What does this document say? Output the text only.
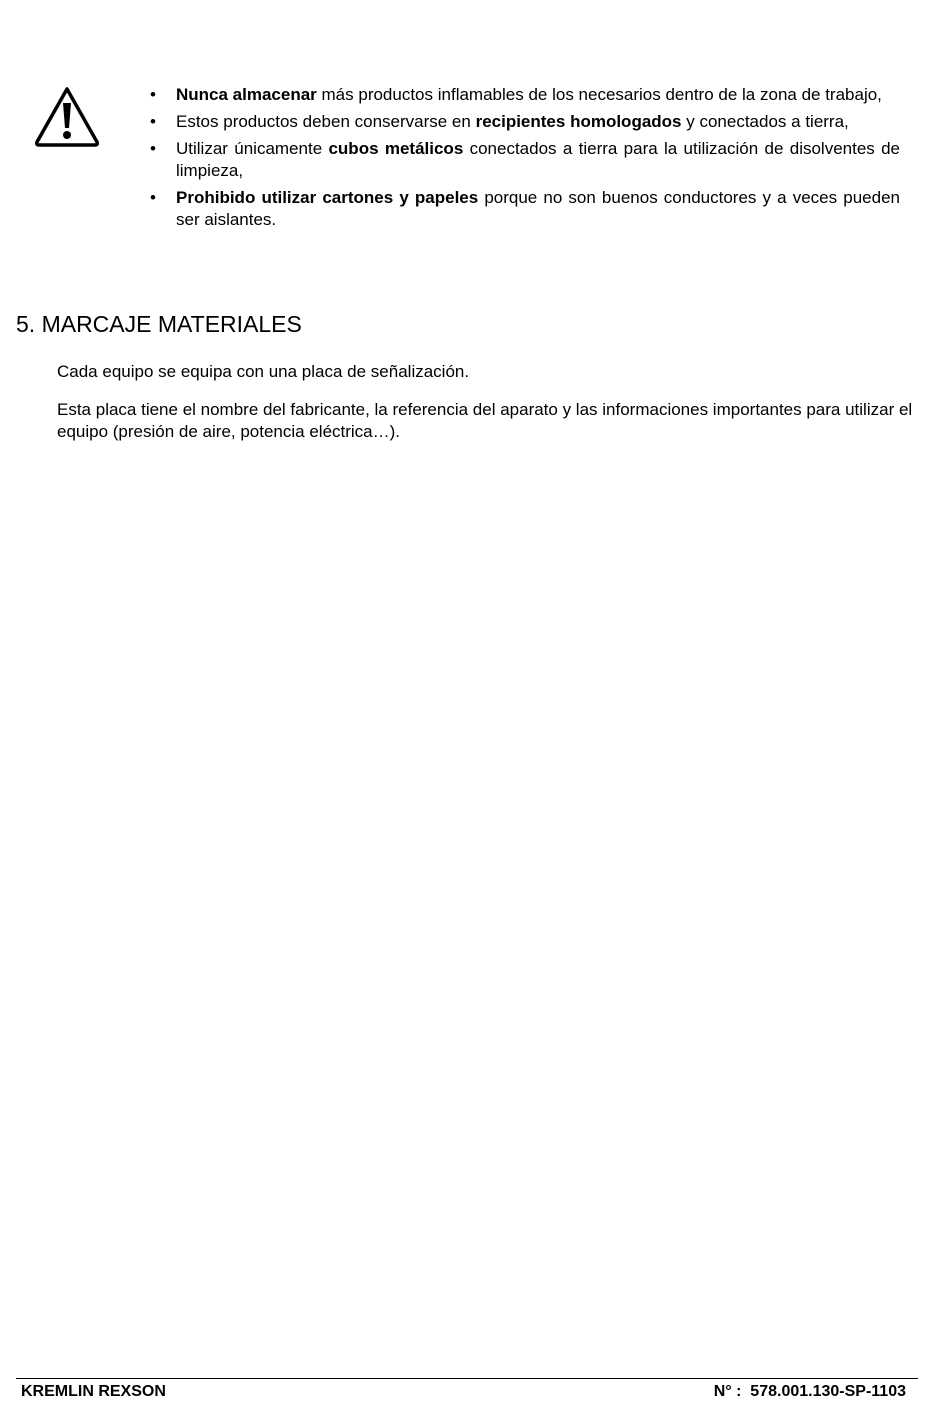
• Nunca almacenar más productos inflamables de los necesarios dentro de la zona de trabajo,
• Estos productos deben conservarse en recipientes homologados y conectados a tierra,
• Utilizar únicamente cubos metálicos conectados a tierra para la utilización de disolventes de limpieza,
• Prohibido utilizar cartones y papeles porque no son buenos conductores y a veces pueden ser aislantes.
5. MARCAJE MATERIALES

Cada equipo se equipa con una placa de señalización.

Esta placa tiene el nombre del fabricante, la referencia del aparato y las informaciones importantes para utilizar el equipo (presión de aire, potencia eléctrica…).

KREMLIN REXSON	N° :  578.001.130-SP-1103
